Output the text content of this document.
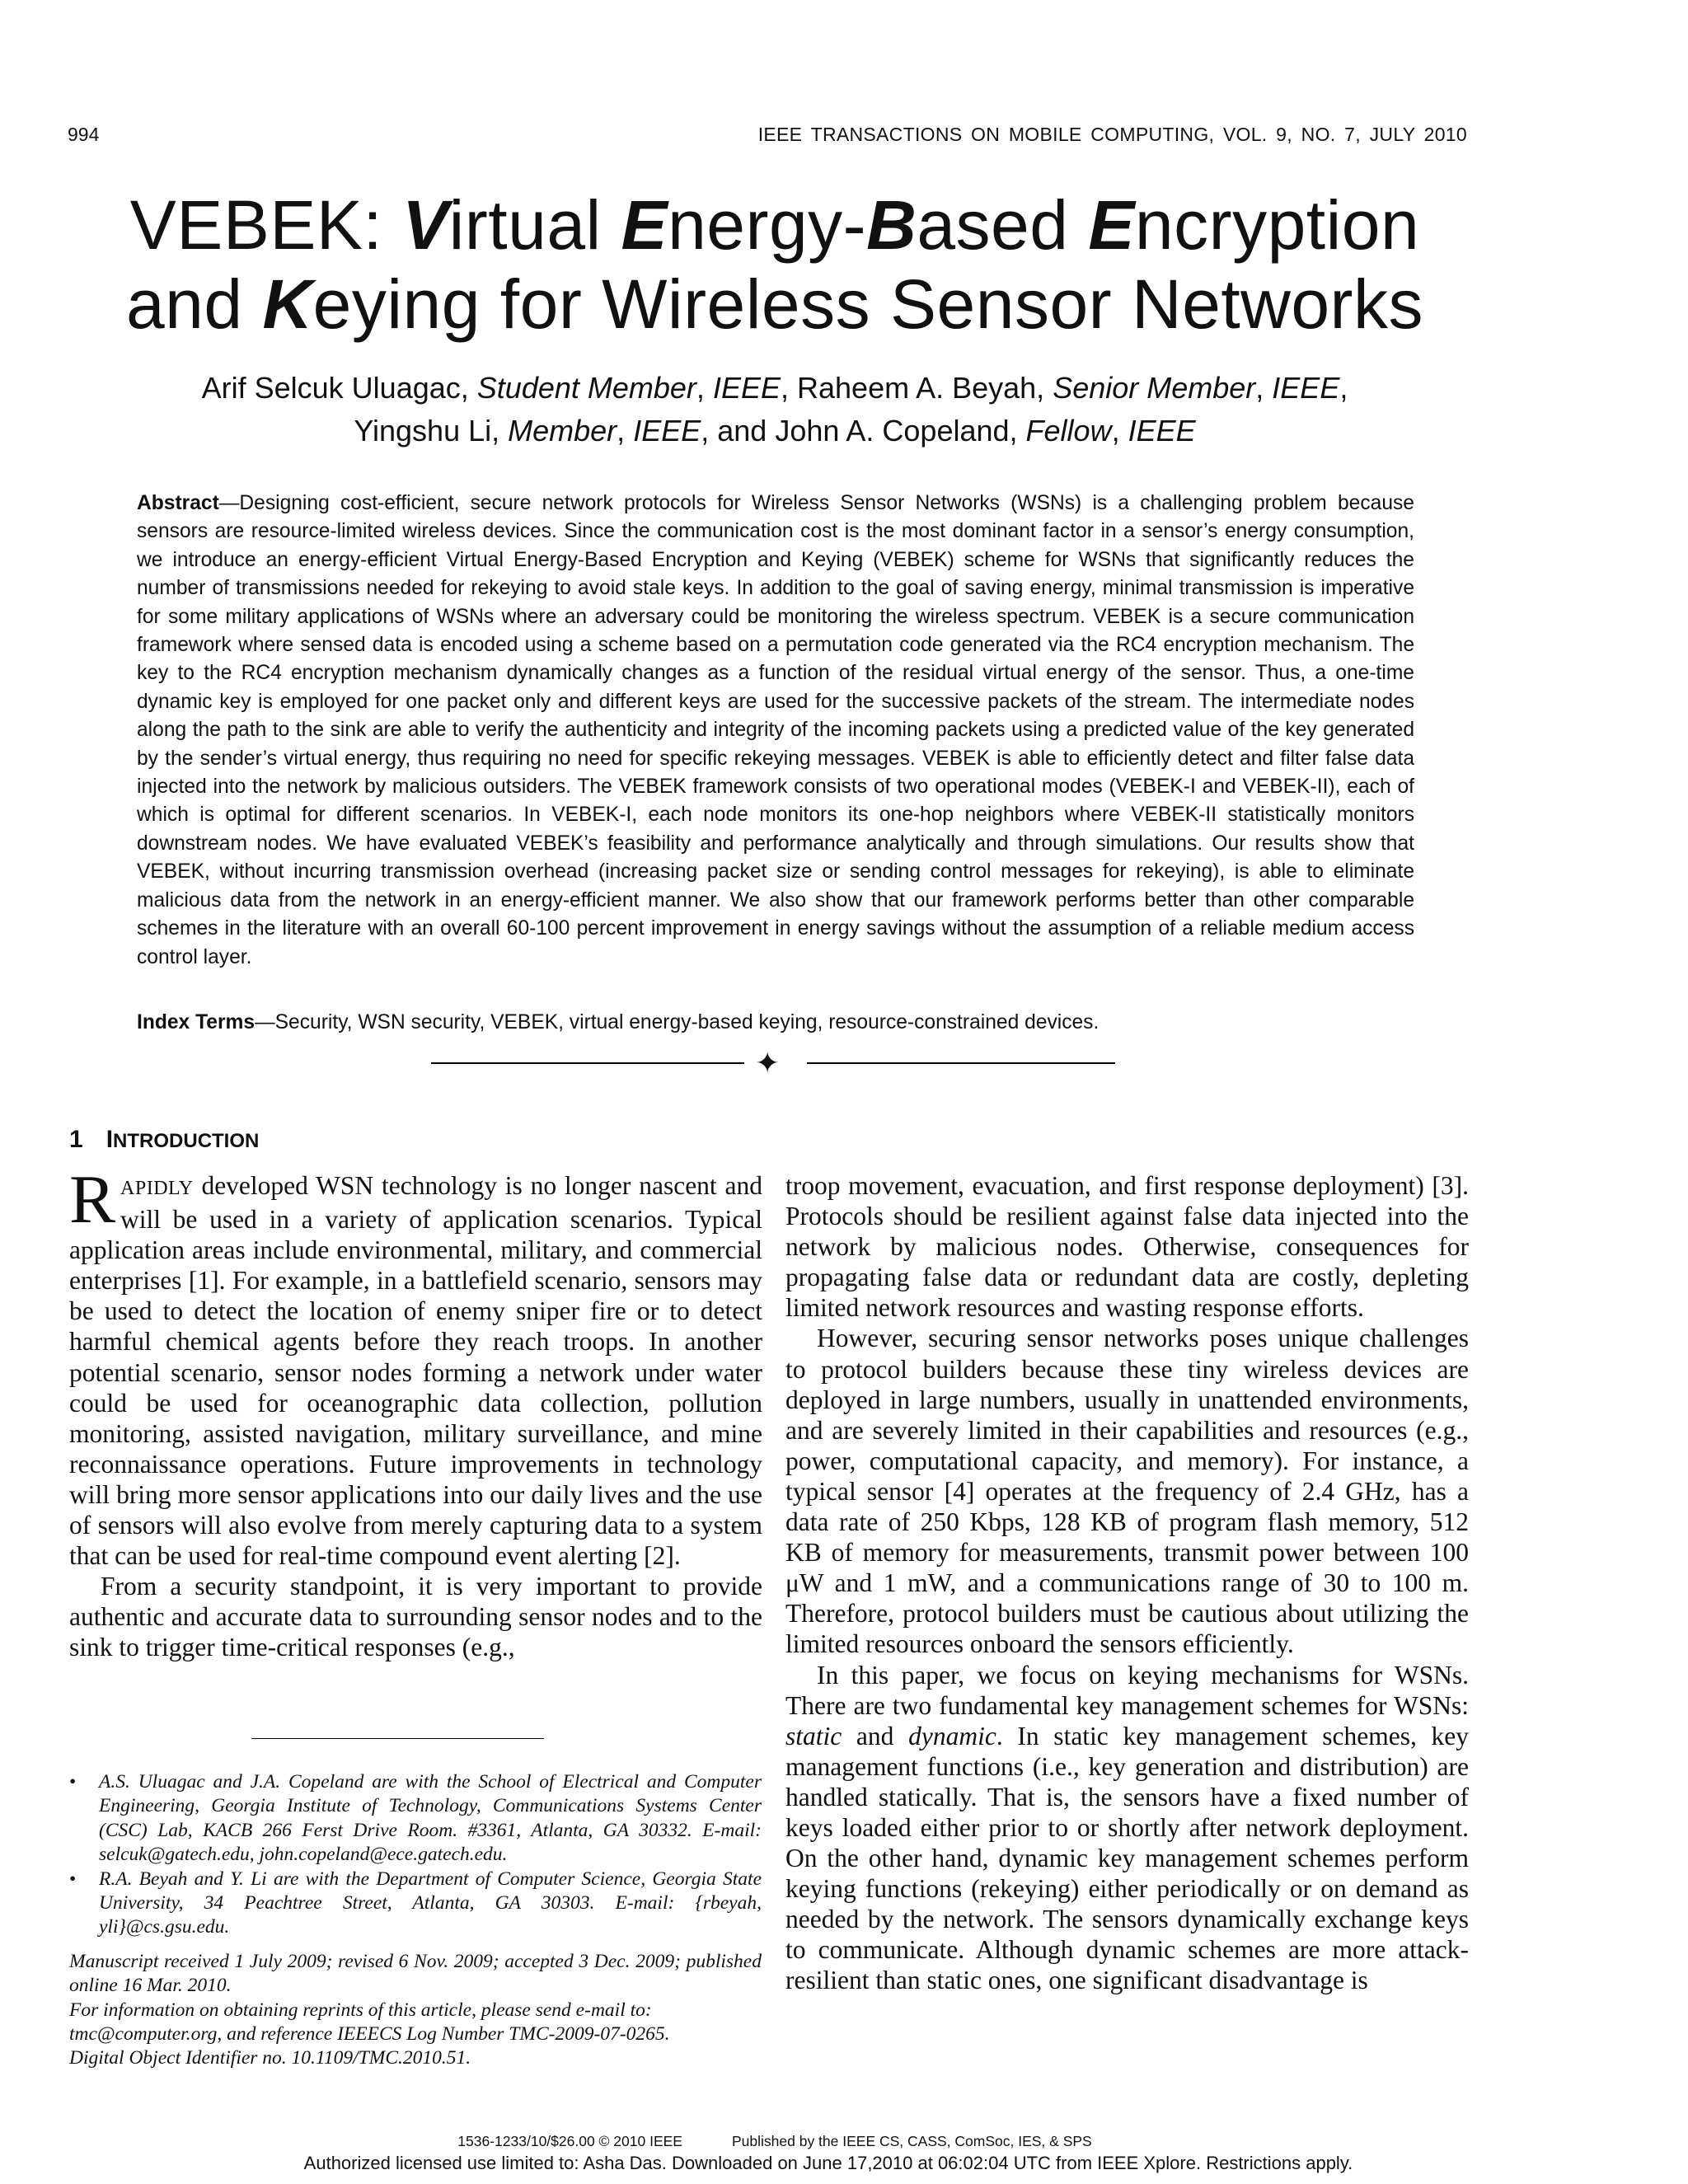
994	IEEE TRANSACTIONS ON MOBILE COMPUTING, VOL. 9, NO. 7, JULY 2010
VEBEK: Virtual Energy-Based Encryption
and Keying for Wireless Sensor Networks
Arif Selcuk Uluagac, Student Member, IEEE, Raheem A. Beyah, Senior Member, IEEE,
Yingshu Li, Member, IEEE, and John A. Copeland, Fellow, IEEE
Abstract—Designing cost-efficient, secure network protocols for Wireless Sensor Networks (WSNs) is a challenging problem because sensors are resource-limited wireless devices. Since the communication cost is the most dominant factor in a sensor’s energy consumption, we introduce an energy-efficient Virtual Energy-Based Encryption and Keying (VEBEK) scheme for WSNs that significantly reduces the number of transmissions needed for rekeying to avoid stale keys. In addition to the goal of saving energy, minimal transmission is imperative for some military applications of WSNs where an adversary could be monitoring the wireless spectrum. VEBEK is a secure communication framework where sensed data is encoded using a scheme based on a permutation code generated via the RC4 encryption mechanism. The key to the RC4 encryption mechanism dynamically changes as a function of the residual virtual energy of the sensor. Thus, a one-time dynamic key is employed for one packet only and different keys are used for the successive packets of the stream. The intermediate nodes along the path to the sink are able to verify the authenticity and integrity of the incoming packets using a predicted value of the key generated by the sender’s virtual energy, thus requiring no need for specific rekeying messages. VEBEK is able to efficiently detect and filter false data injected into the network by malicious outsiders. The VEBEK framework consists of two operational modes (VEBEK-I and VEBEK-II), each of which is optimal for different scenarios. In VEBEK-I, each node monitors its one-hop neighbors where VEBEK-II statistically monitors downstream nodes. We have evaluated VEBEK’s feasibility and performance analytically and through simulations. Our results show that VEBEK, without incurring transmission overhead (increasing packet size or sending control messages for rekeying), is able to eliminate malicious data from the network in an energy-efficient manner. We also show that our framework performs better than other comparable schemes in the literature with an overall 60-100 percent improvement in energy savings without the assumption of a reliable medium access control layer.
Index Terms—Security, WSN security, VEBEK, virtual energy-based keying, resource-constrained devices.
✦
1 INTRODUCTION

RAPIDLY developed WSN technology is no longer nascent and will be used in a variety of application scenarios. Typical application areas include environmental, military, and commercial enterprises [1]. For example, in a battlefield scenario, sensors may be used to detect the location of enemy sniper fire or to detect harmful chemical agents before they reach troops. In another potential scenario, sensor nodes forming a network under water could be used for oceanographic data collection, pollution monitoring, assisted navigation, military surveillance, and mine reconnaissance operations. Future improvements in technology will bring more sensor applications into our daily lives and the use of sensors will also evolve from merely capturing data to a system that can be used for real-time compound event alerting [2].

From a security standpoint, it is very important to provide authentic and accurate data to surrounding sensor nodes and to the sink to trigger time-critical responses (e.g.,

troop movement, evacuation, and first response deployment) [3]. Protocols should be resilient against false data injected into the network by malicious nodes. Otherwise, consequences for propagating false data or redundant data are costly, depleting limited network resources and wasting response efforts.

However, securing sensor networks poses unique challenges to protocol builders because these tiny wireless devices are deployed in large numbers, usually in unattended environments, and are severely limited in their capabilities and resources (e.g., power, computational capacity, and memory). For instance, a typical sensor [4] operates at the frequency of 2.4 GHz, has a data rate of 250 Kbps, 128 KB of program flash memory, 512 KB of memory for measurements, transmit power between 100 μW and 1 mW, and a communications range of 30 to 100 m. Therefore, protocol builders must be cautious about utilizing the limited resources onboard the sensors efficiently.

In this paper, we focus on keying mechanisms for WSNs. There are two fundamental key management schemes for WSNs: static and dynamic. In static key management schemes, key management functions (i.e., key generation and distribution) are handled statically. That is, the sensors have a fixed number of keys loaded either prior to or shortly after network deployment. On the other hand, dynamic key management schemes perform keying functions (rekeying) either periodically or on demand as needed by the network. The sensors dynamically exchange keys to communicate. Although dynamic schemes are more attack-resilient than static ones, one significant disadvantage is

• A.S. Uluagac and J.A. Copeland are with the School of Electrical and Computer Engineering, Georgia Institute of Technology, Communications Systems Center (CSC) Lab, KACB 266 Ferst Drive Room. #3361, Atlanta, GA 30332. E-mail: selcuk@gatech.edu, john.copeland@ece.gatech.edu.
• R.A. Beyah and Y. Li are with the Department of Computer Science, Georgia State University, 34 Peachtree Street, Atlanta, GA 30303. E-mail: {rbeyah, yli}@cs.gsu.edu.
Manuscript received 1 July 2009; revised 6 Nov. 2009; accepted 3 Dec. 2009; published online 16 Mar. 2010.
For information on obtaining reprints of this article, please send e-mail to: tmc@computer.org, and reference IEEECS Log Number TMC-2009-07-0265.
Digital Object Identifier no. 10.1109/TMC.2010.51.
1536-1233/10/$26.00 © 2010 IEEE	Published by the IEEE CS, CASS, ComSoc, IES, & SPS
Authorized licensed use limited to: Asha Das. Downloaded on June 17,2010 at 06:02:04 UTC from IEEE Xplore. Restrictions apply.
